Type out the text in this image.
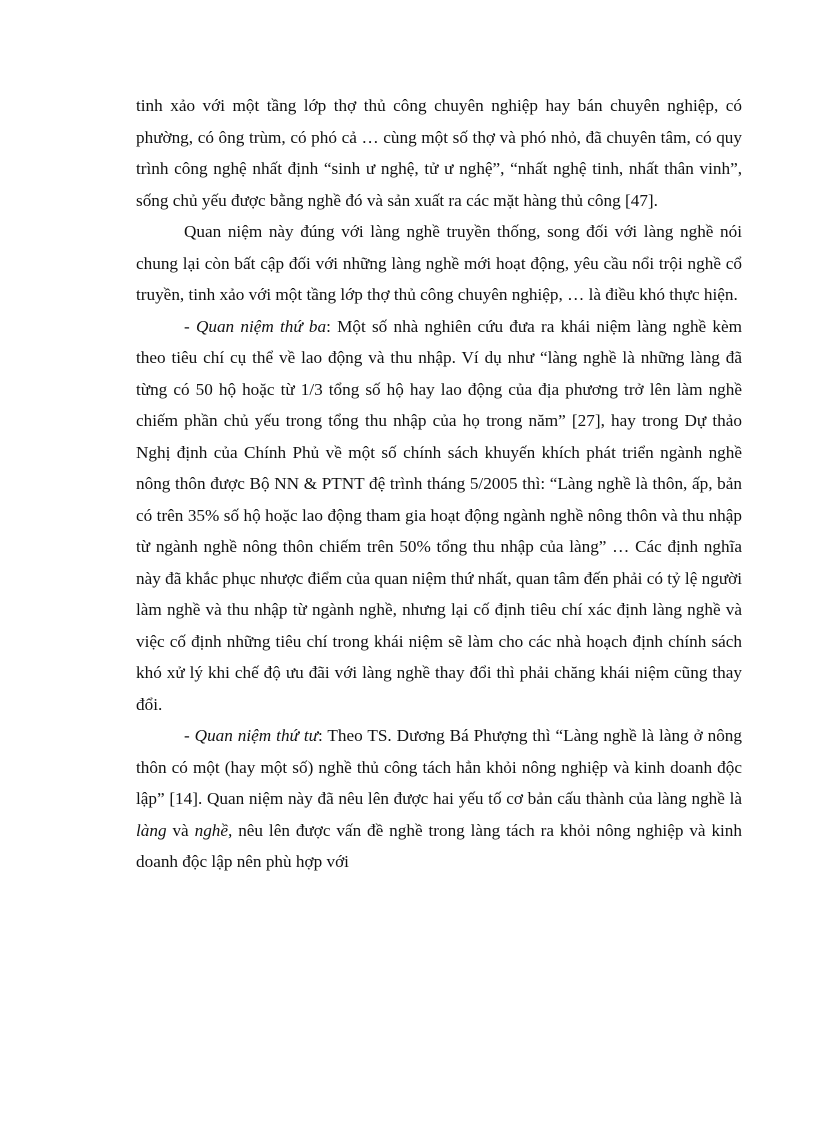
tinh xảo với một tầng lớp thợ thủ công chuyên nghiệp hay bán chuyên nghiệp, có phường, có ông trùm, có phó cả … cùng một số thợ và phó nhỏ, đã chuyên tâm, có quy trình công nghệ nhất định “sinh ư nghệ, tử ư nghệ”, “nhất nghệ tinh, nhất thân vinh”, sống chủ yếu được bằng nghề đó và sản xuất ra các mặt hàng thủ công [47].

Quan niệm này đúng với làng nghề truyền thống, song đối với làng nghề nói chung lại còn bất cập đối với những làng nghề mới hoạt động, yêu cầu nổi trội nghề cổ truyền, tinh xảo với một tầng lớp thợ thủ công chuyên nghiệp, … là điều khó thực hiện.

- Quan niệm thứ ba: Một số nhà nghiên cứu đưa ra khái niệm làng nghề kèm theo tiêu chí cụ thể về lao động và thu nhập. Ví dụ như “làng nghề là những làng đã từng có 50 hộ hoặc từ 1/3 tổng số hộ hay lao động của địa phương trở lên làm nghề chiếm phần chủ yếu trong tổng thu nhập của họ trong năm” [27], hay trong Dự thảo Nghị định của Chính Phủ về một số chính sách khuyến khích phát triển ngành nghề nông thôn được Bộ NN & PTNT đệ trình tháng 5/2005 thì: “Làng nghề là thôn, ấp, bản có trên 35% số hộ hoặc lao động tham gia hoạt động ngành nghề nông thôn và thu nhập từ ngành nghề nông thôn chiếm trên 50% tổng thu nhập của làng” … Các định nghĩa này đã khắc phục nhược điểm của quan niệm thứ nhất, quan tâm đến phải có tỷ lệ người làm nghề và thu nhập từ ngành nghề, nhưng lại cố định tiêu chí xác định làng nghề và việc cố định những tiêu chí trong khái niệm sẽ làm cho các nhà hoạch định chính sách khó xử lý khi chế độ ưu đãi với làng nghề thay đổi thì phải chăng khái niệm cũng thay đổi.

- Quan niệm thứ tư: Theo TS. Dương Bá Phượng thì “Làng nghề là làng ở nông thôn có một (hay một số) nghề thủ công tách hẳn khỏi nông nghiệp và kinh doanh độc lập” [14]. Quan niệm này đã nêu lên được hai yếu tố cơ bản cấu thành của làng nghề là làng và nghề, nêu lên được vấn đề nghề trong làng tách ra khỏi nông nghiệp và kinh doanh độc lập nên phù hợp với
